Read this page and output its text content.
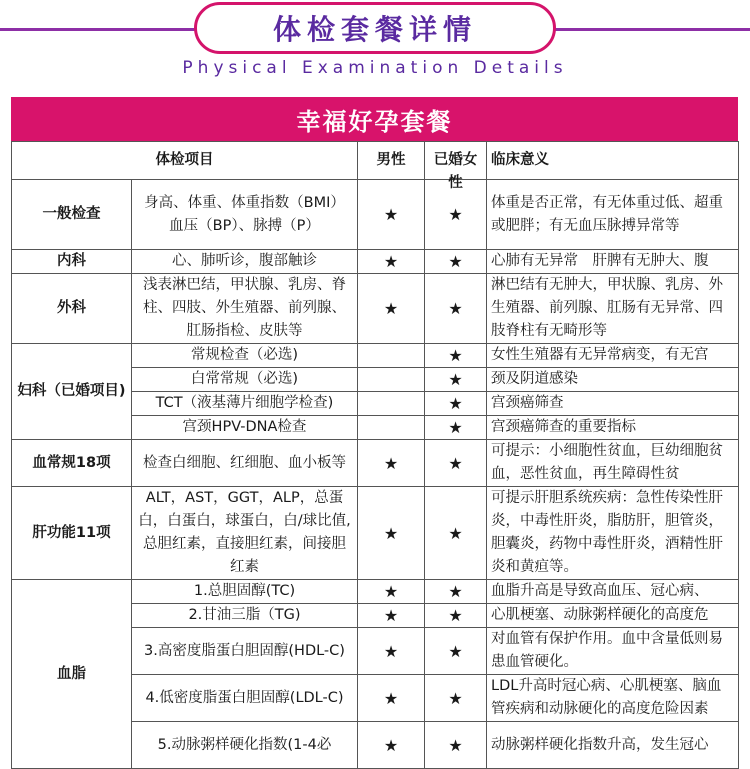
体检套餐详情
Physical Examination Details
幸福好孕套餐
体检项目		男性	已婚女性	临床意义
一般检查	身高、体重、体重指数（BMI） 血压（BP）、脉搏（P）	★	★	体重是否正常，有无体重过低、超重或肥胖；有无血压脉搏异常等

内科	心、肺听诊，腹部触诊	★	★	心肺有无异常　肝脾有无肿大、腹

外科	浅表淋巴结，甲状腺、乳房、脊柱、四肢、外生殖器、前列腺、肛肠指检、皮肤等	★	★	淋巴结有无肿大，甲状腺、乳房、外生殖器、前列腺、肛肠有无异常、四肢脊柱有无畸形等

妇科（已婚项目)	常规检查（必选)		★	女性生殖器有无异常病变，有无宫

	白常常规（必选)		★	颈及阴道感染

	TCT（液基薄片细胞学检查)		★	宫颈癌筛查

	宫颈HPV-DNA检查		★	宫颈癌筛查的重要指标

血常规18项	检查白细胞、红细胞、血小板等	★	★	可提示：小细胞性贫血，巨幼细胞贫血，恶性贫血，再生障碍性贫

肝功能11项	ALT，AST，GGT，ALP，总蛋白，白蛋白，球蛋白，白/球比值,总胆红素，直接胆红素，间接胆红素	★	★	可提示肝胆系统疾病：急性传染性肝炎，中毒性肝炎，脂肪肝，胆管炎，胆囊炎，药物中毒性肝炎，酒精性肝炎和黄疸等。

血脂	1.总胆固醇(TC)	★	★	血脂升高是导致高血压、冠心病、

	2.甘油三脂（TG)	★	★	心肌梗塞、动脉粥样硬化的高度危

	3.高密度脂蛋白胆固醇(HDL-C)	★	★	对血管有保护作用。血中含量低则易患血管硬化。

	4.低密度脂蛋白胆固醇(LDL-C)	★	★	LDL升高时冠心病、心肌梗塞、脑血管疾病和动脉硬化的高度危险因素

	5.动脉粥样硬化指数(1-4必	★	★	动脉粥样硬化指数升高，发生冠心
